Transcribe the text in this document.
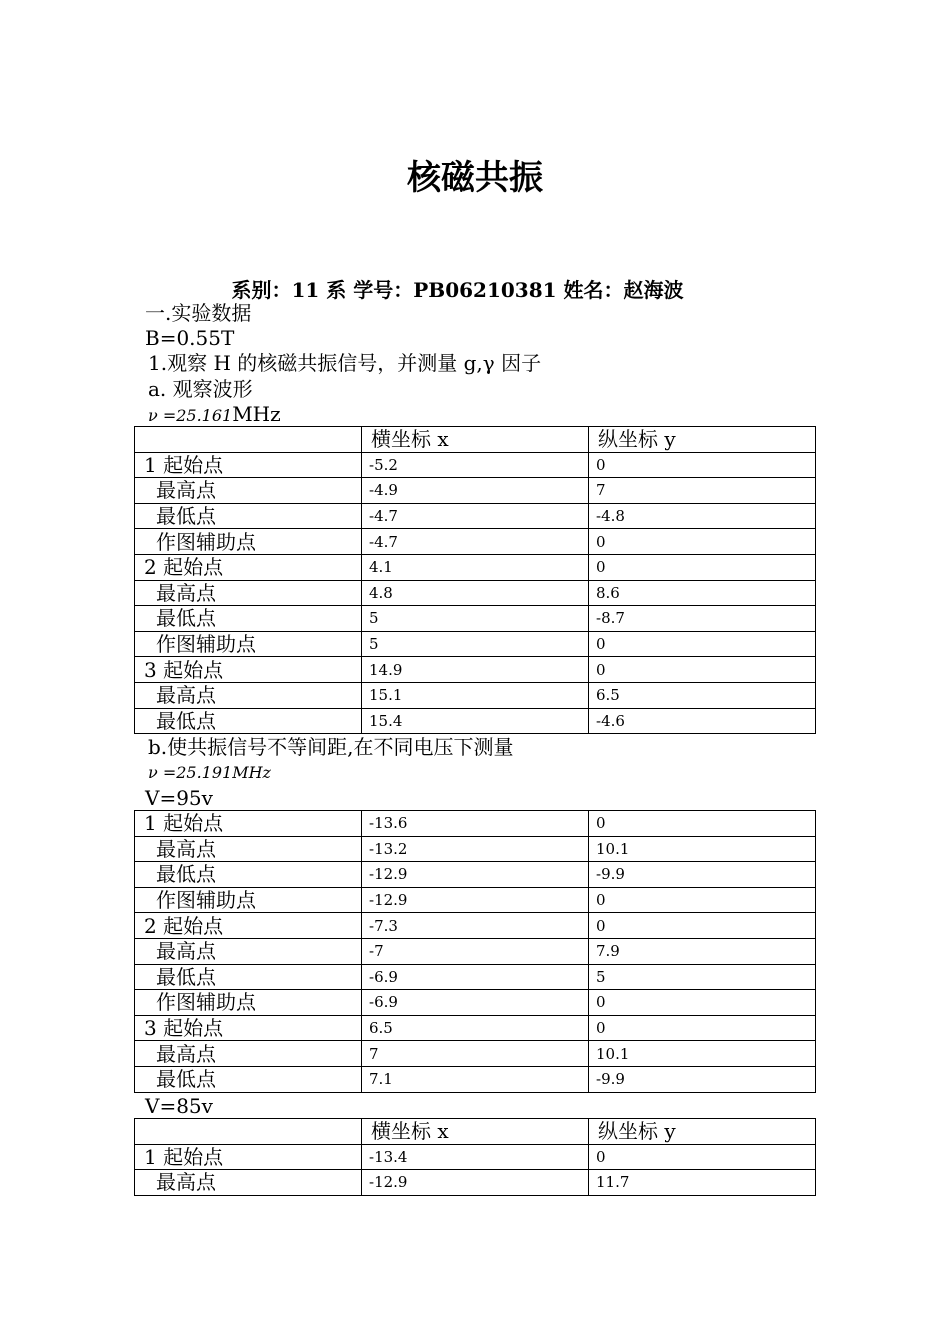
核磁共振
系别：11 系 学号：PB06210381 姓名：赵海波
一.实验数据
B=0.55T
1.观察 H 的核磁共振信号，并测量 g,γ 因子
a. 观察波形
ν =25.161MHz
	横坐标 x	纵坐标 y
1 起始点	-5.2	0
最高点	-4.9	7
最低点	-4.7	-4.8
作图辅助点	-4.7	0
2 起始点	4.1	0
最高点	4.8	8.6
最低点	5	-8.7
作图辅助点	5	0
3 起始点	14.9	0
最高点	15.1	6.5
最低点	15.4	-4.6
b.使共振信号不等间距,在不同电压下测量
ν =25.191MHz
V=95v
1 起始点	-13.6	0
最高点	-13.2	10.1
最低点	-12.9	-9.9
作图辅助点	-12.9	0
2 起始点	-7.3	0
最高点	-7	7.9
最低点	-6.9	5
作图辅助点	-6.9	0
3 起始点	6.5	0
最高点	7	10.1
最低点	7.1	-9.9
V=85v
	横坐标 x	纵坐标 y
1 起始点	-13.4	0
最高点	-12.9	11.7
